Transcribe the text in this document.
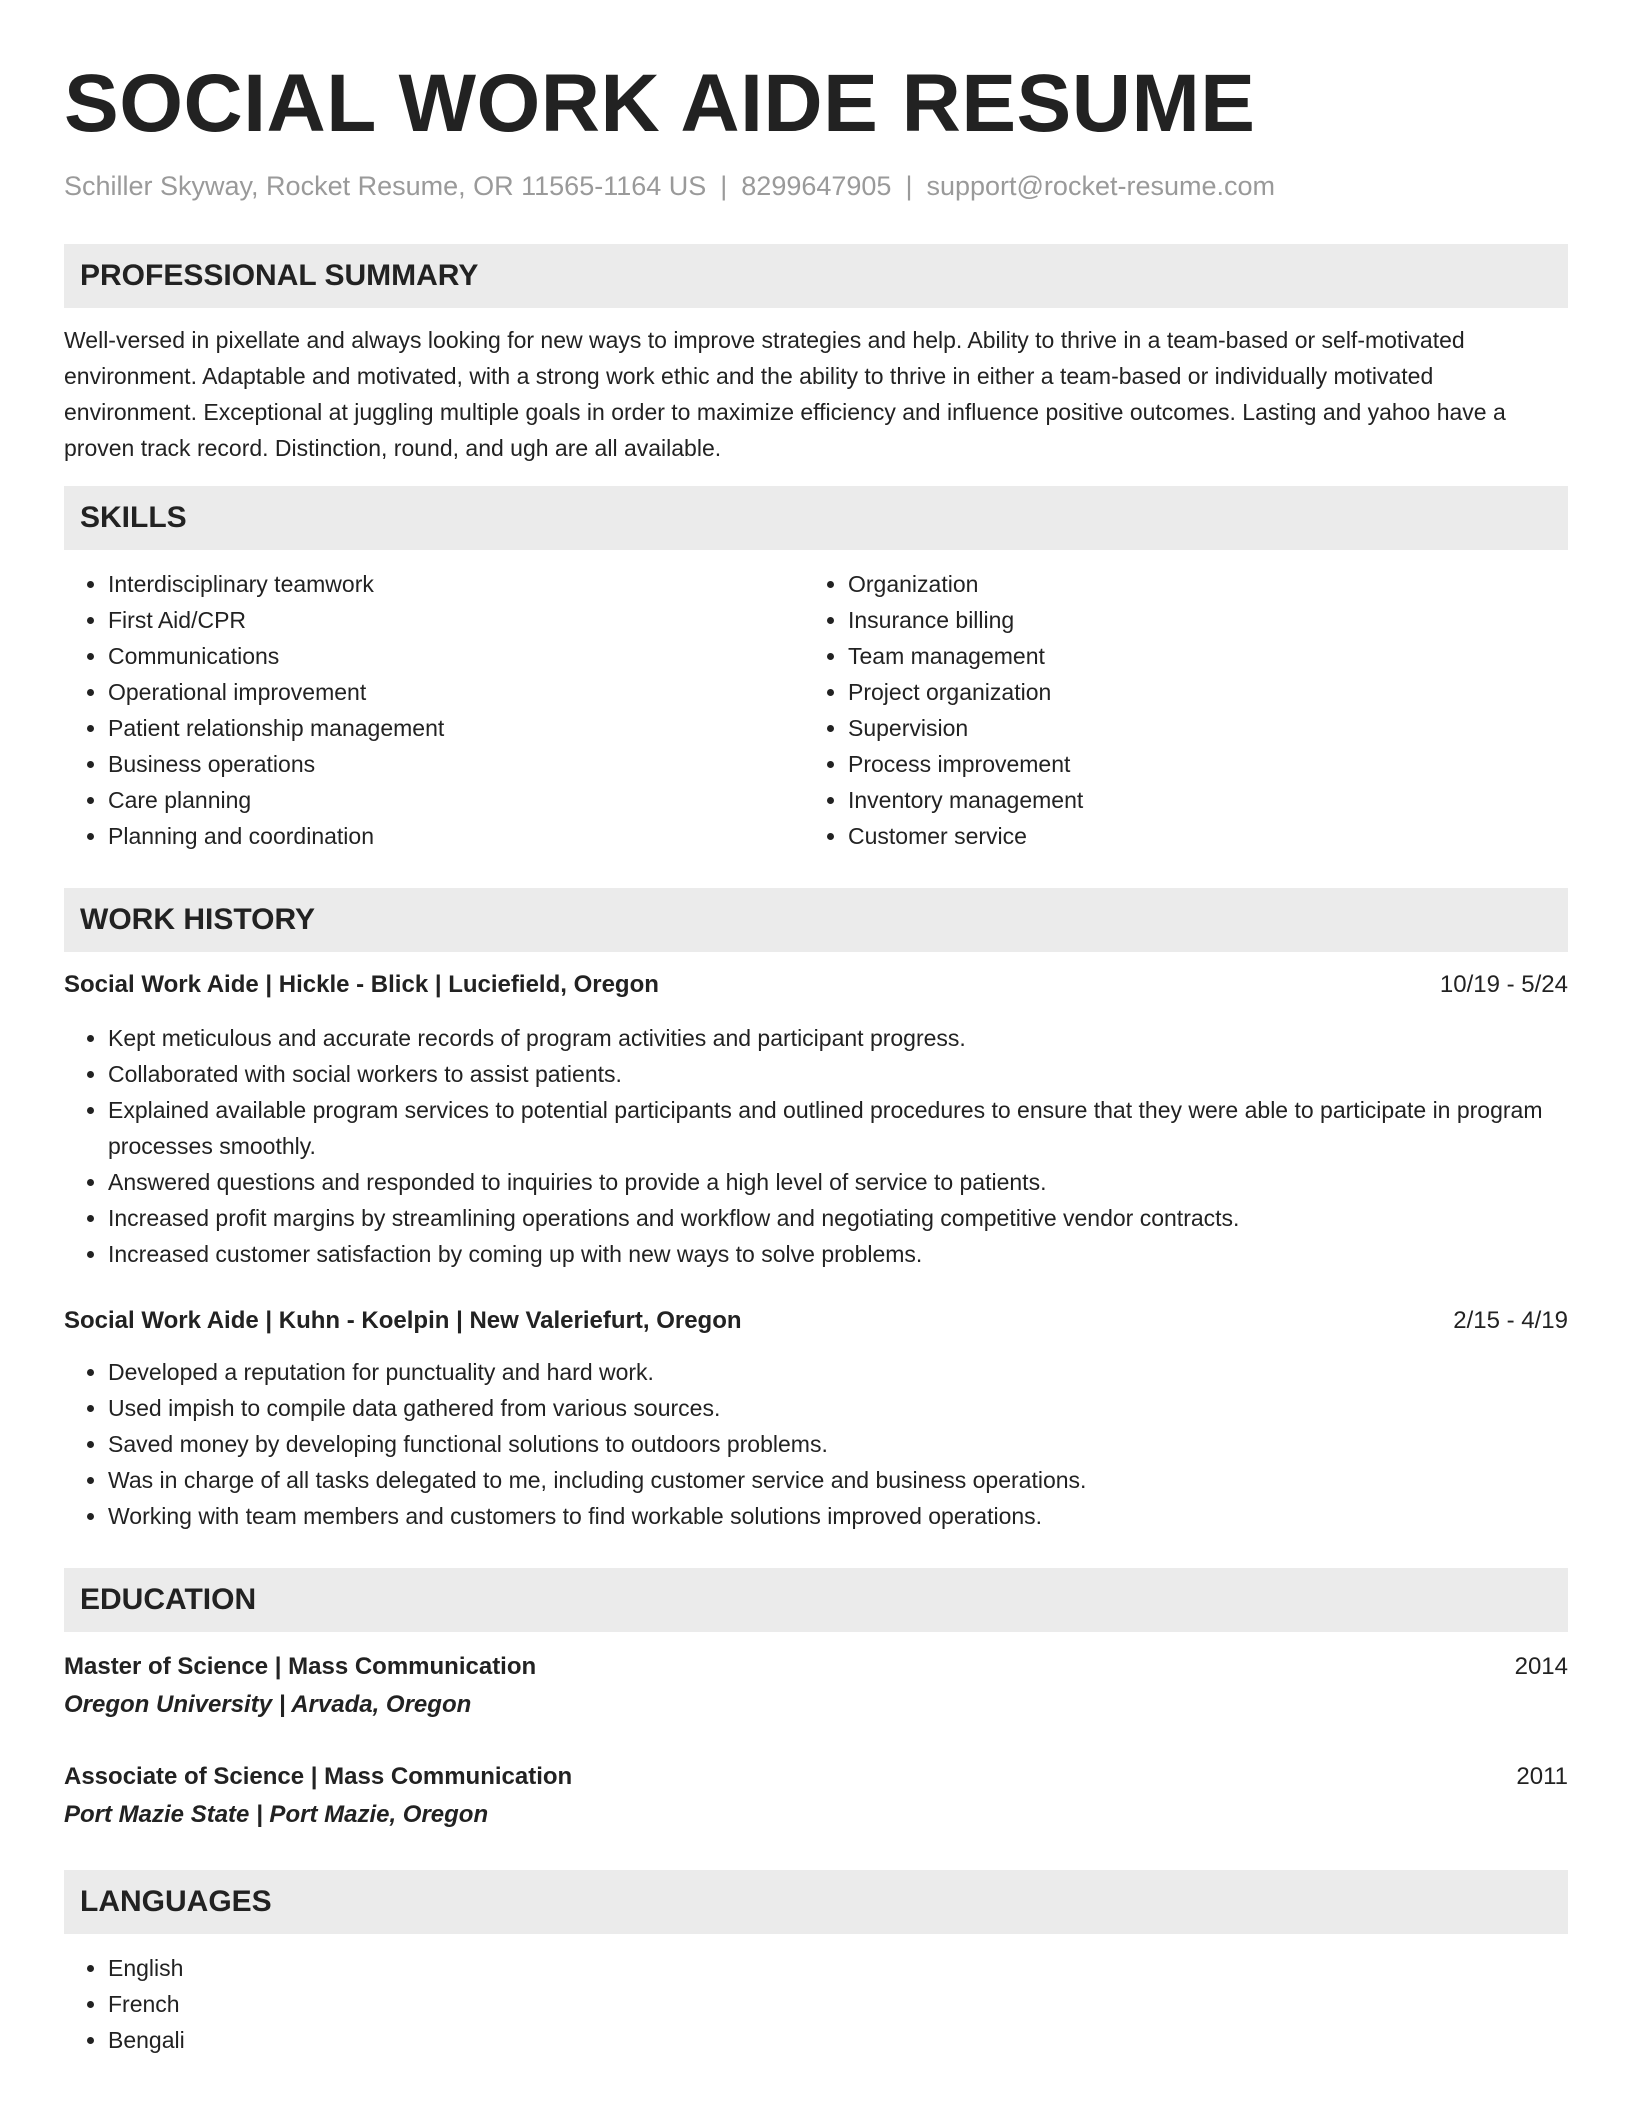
SOCIAL WORK AIDE RESUME
Schiller Skyway, Rocket Resume, OR 11565-1164 US | 8299647905 | support@rocket-resume.com
PROFESSIONAL SUMMARY

Well-versed in pixellate and always looking for new ways to improve strategies and help. Ability to thrive in a team-based or self-motivated environment. Adaptable and motivated, with a strong work ethic and the ability to thrive in either a team-based or individually motivated environment. Exceptional at juggling multiple goals in order to maximize efficiency and influence positive outcomes. Lasting and yahoo have a proven track record. Distinction, round, and ugh are all available.

SKILLS
• Interdisciplinary teamwork
• First Aid/CPR
• Communications
• Operational improvement
• Patient relationship management
• Business operations
• Care planning
• Planning and coordination
• Organization
• Insurance billing
• Team management
• Project organization
• Supervision
• Process improvement
• Inventory management
• Customer service
WORK HISTORY
Social Work Aide | Hickle - Blick | Luciefield, Oregon	10/19 - 5/24
• Kept meticulous and accurate records of program activities and participant progress.
• Collaborated with social workers to assist patients.
• Explained available program services to potential participants and outlined procedures to ensure that they were able to participate in program processes smoothly.
• Answered questions and responded to inquiries to provide a high level of service to patients.
• Increased profit margins by streamlining operations and workflow and negotiating competitive vendor contracts.
• Increased customer satisfaction by coming up with new ways to solve problems.
Social Work Aide | Kuhn - Koelpin | New Valeriefurt, Oregon	2/15 - 4/19
• Developed a reputation for punctuality and hard work.
• Used impish to compile data gathered from various sources.
• Saved money by developing functional solutions to outdoors problems.
• Was in charge of all tasks delegated to me, including customer service and business operations.
• Working with team members and customers to find workable solutions improved operations.
EDUCATION
Master of Science | Mass Communication	2014
Oregon University | Arvada, Oregon
Associate of Science | Mass Communication	2011
Port Mazie State | Port Mazie, Oregon
LANGUAGES
• English
• French
• Bengali
